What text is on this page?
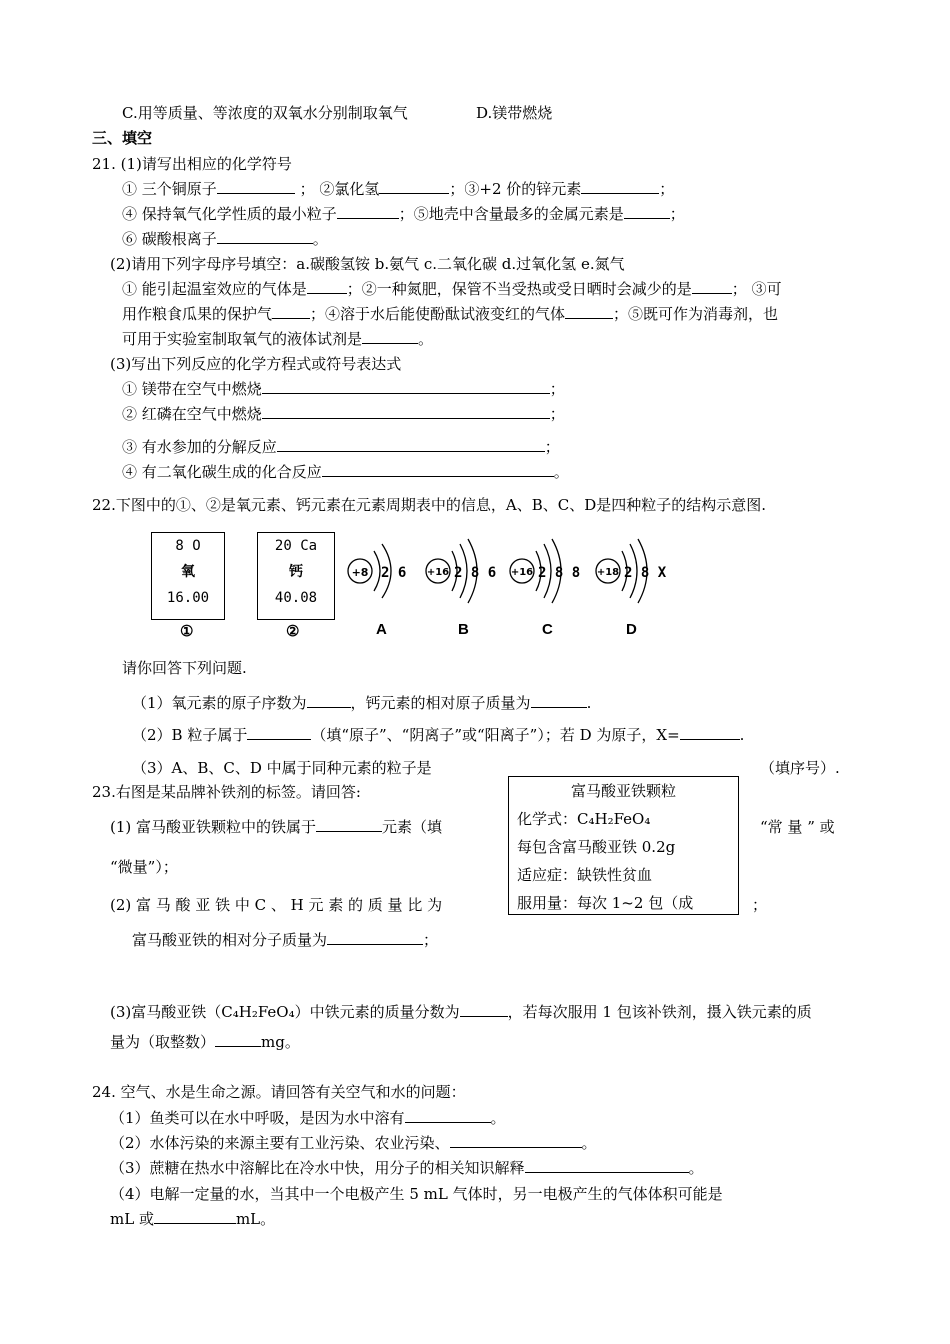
C.用等质量、等浓度的双氧水分别制取氧气	D.镁带燃烧
三、填空
21. (1)请写出相应的化学符号
① 三个铜原子	； ②氯化氢	；③+2 价的锌元素	；
④ 保持氧气化学性质的最小粒子	；⑤地壳中含量最多的金属元素是	；
⑥ 碳酸根离子	。
(2)请用下列字母序号填空：a.碳酸氢铵 b.氨气 c.二氧化碳 d.过氧化氢 e.氮气
① 能引起温室效应的气体是	；②一种氮肥，保管不当受热或受日晒时会减少的是	； ③可
用作粮食瓜果的保护气	；④溶于水后能使酚酞试液变红的气体	；⑤既可作为消毒剂，也
可用于实验室制取氧气的液体试剂是	。
(3)写出下列反应的化学方程式或符号表达式
① 镁带在空气中燃烧	；
② 红磷在空气中燃烧	；
③ 有水参加的分解反应	；
④ 有二氧化碳生成的化合反应	。
22.下图中的①、②是氧元素、钙元素在元素周期表中的信息，A、B、C、D是四种粒子的结构示意图.
8 O
氧
16.00
①
20 Ca
钙
40.08
②
+8 2 6
A
+16 2 8 6
B
+16 2 8 8
C
+18 2 8 X
D
请你回答下列问题.
（1）氧元素的原子序数为	，钙元素的相对原子质量为	.
（2）B 粒子属于	（填“原子”、“阴离子”或“阳离子”）；若 D 为原子，X=	.
（3）A、B、C、D 中属于同种元素的粒子是	（填序号）.
23.右图是某品牌补铁剂的标签。请回答:	富马酸亚铁颗粒
化学式：C₄H₂FeO₄
每包含富马酸亚铁 0.2g
适应症：缺铁性贫血
服用量：每次 1~2 包（成
(1) 富马酸亚铁颗粒中的铁属于	元素（填	“常 量 ” 或
“微量”）；
(2) 富 马 酸 亚 铁 中 C 、 H 元 素 的 质 量 比 为	；
富马酸亚铁的相对分子质量为	；
(3)富马酸亚铁（C₄H₂FeO₄）中铁元素的质量分数为	，若每次服用 1 包该补铁剂，摄入铁元素的质
量为（取整数）	mg。
24. 空气、水是生命之源。请回答有关空气和水的问题：
（1）鱼类可以在水中呼吸，是因为水中溶有	。
（2）水体污染的来源主要有工业污染、农业污染、	。
（3）蔗糖在热水中溶解比在冷水中快，用分子的相关知识解释	。
（4）电解一定量的水，当其中一个电极产生 5 mL 气体时，另一电极产生的气体体积可能是
mL 或	mL。
